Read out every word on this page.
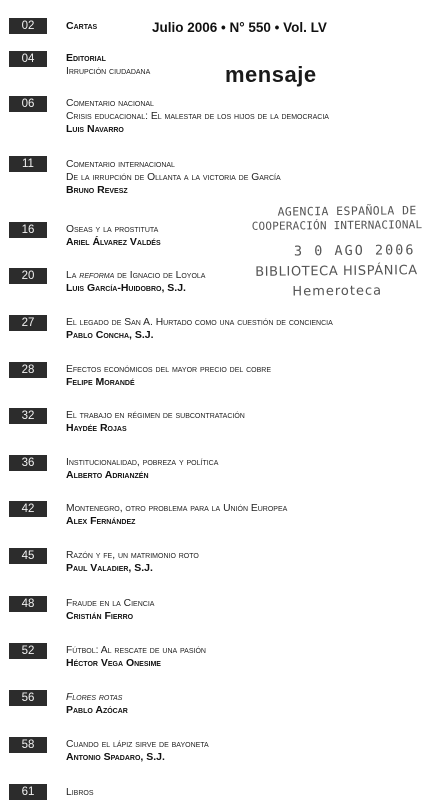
Julio 2006 • N° 550 • Vol. LV
mensaje
AGENCIA ESPAÑOLA DE
COOPERACIÓN INTERNACIONAL
3 0 AGO 2006
BIBLIOTECA HISPÁNICA
Hemeroteca
02	Cartas
04	Editorial
Irrupción ciudadana
06	Comentario nacional
Crisis educacional: El malestar de los hijos de la democracia
Luis Navarro
11	Comentario internacional
De la irrupción de Ollanta a la victoria de García
Bruno Revesz
16	Oseas y la prostituta
Ariel Álvarez Valdés
20	La reforma de Ignacio de Loyola
Luis García-Huidobro, S.J.
27	El legado de San A. Hurtado como una cuestión de conciencia
Pablo Concha, S.J.
28	Efectos económicos del mayor precio del cobre
Felipe Morandé
32	El trabajo en régimen de subcontratación
Haydée Rojas
36	Institucionalidad, pobreza y política
Alberto Adrianzén
42	Montenegro, otro problema para la Unión Europea
Alex Fernández
45	Razón y fe, un matrimonio roto
Paul Valadier, S.J.
48	Fraude en la Ciencia
Cristián Fierro
52	Fútbol: Al rescate de una pasión
Héctor Vega Onesime
56	Flores rotas
Pablo Azócar
58	Cuando el lápiz sirve de bayoneta
Antonio Spadaro, S.J.
61	Libros
